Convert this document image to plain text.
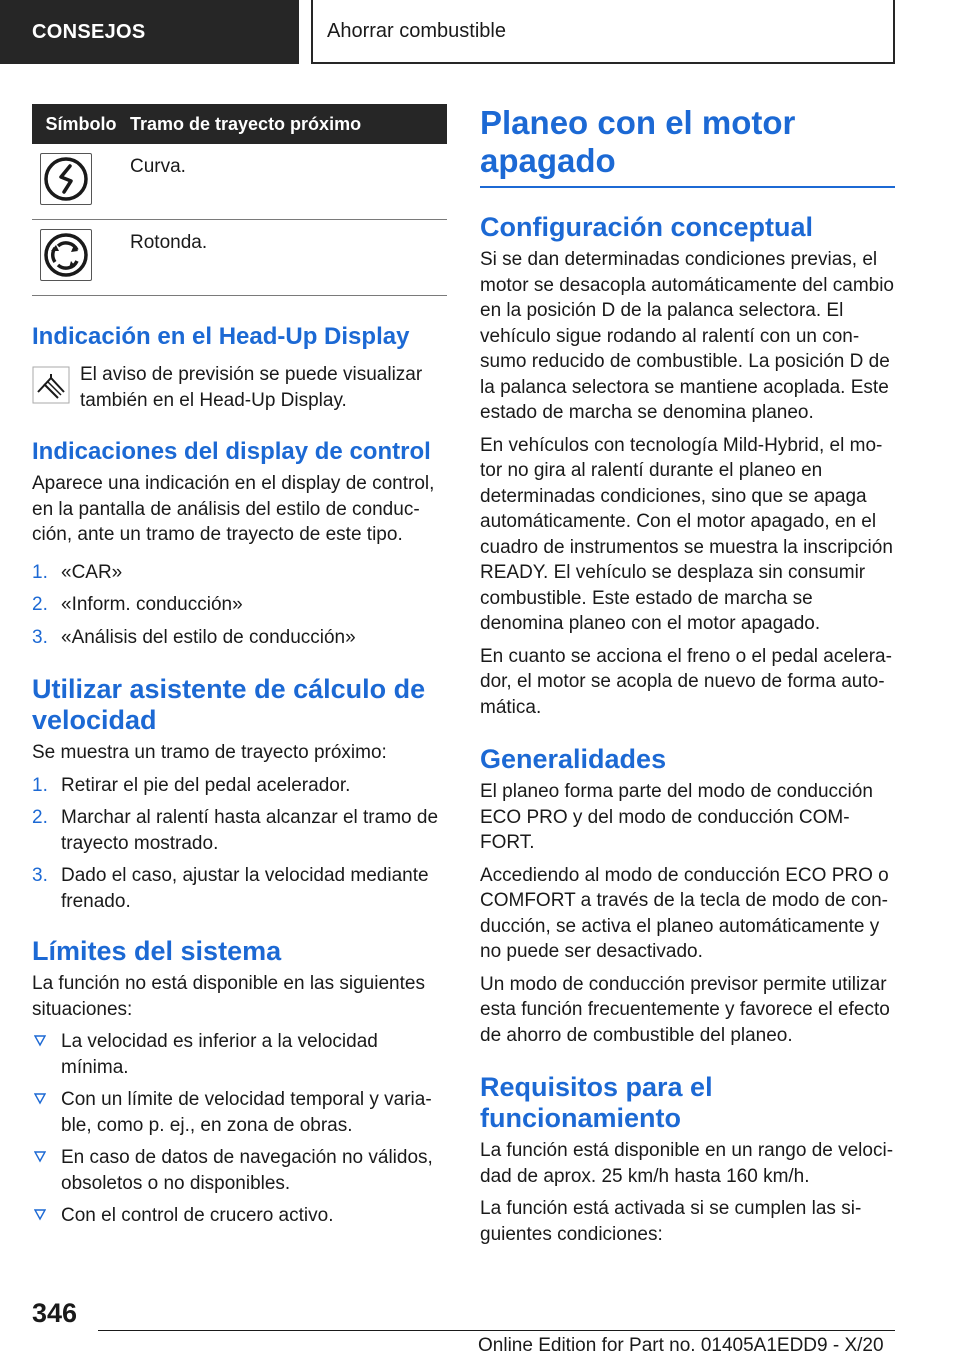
CONSEJOS	Ahorrar combustible
Símbolo Tramo de trayecto próximo
Curva.
Rotonda.
Indicación en el Head-Up Display

El aviso de previsión se puede visualizar también en el Head-Up Display.

Indicaciones del display de control

Aparece una indicación en el display de control, en la pantalla de análisis del estilo de conducción, ante un tramo de trayecto de este tipo.

1. «CAR»
2. «Inform. conducción»
3. «Análisis del estilo de conducción»
Utilizar asistente de cálculo de velocidad

Se muestra un tramo de trayecto próximo:

1. Retirar el pie del pedal acelerador.
2. Marchar al ralentí hasta alcanzar el tramo de trayecto mostrado.
3. Dado el caso, ajustar la velocidad mediante frenado.
Límites del sistema

La función no está disponible en las siguientes situaciones:

La velocidad es inferior a la velocidad mínima.
Con un límite de velocidad temporal y variable, como p. ej., en zona de obras.
En caso de datos de navegación no válidos, obsoletos o no disponibles.
Con el control de crucero activo.
Planeo con el motor apagado
Configuración conceptual

Si se dan determinadas condiciones previas, el motor se desacopla automáticamente del cambio en la posición D de la palanca selectora. El vehículo sigue rodando al ralentí con un consumo reducido de combustible. La posición D de la palanca selectora se mantiene acoplada. Este estado de marcha se denomina planeo.

En vehículos con tecnología Mild-Hybrid, el motor no gira al ralentí durante el planeo en determinadas condiciones, sino que se apaga automáticamente. Con el motor apagado, en el cuadro de instrumentos se muestra la inscripción READY. El vehículo se desplaza sin consumir combustible. Este estado de marcha se denomina planeo con el motor apagado.

En cuanto se acciona el freno o el pedal acelerador, el motor se acopla de nuevo de forma automática.

Generalidades

El planeo forma parte del modo de conducción ECO PRO y del modo de conducción COMFORT.

Accediendo al modo de conducción ECO PRO o COMFORT a través de la tecla de modo de conducción, se activa el planeo automáticamente y no puede ser desactivado.

Un modo de conducción previsor permite utilizar esta función frecuentemente y favorece el efecto de ahorro de combustible del planeo.

Requisitos para el funcionamiento

La función está disponible en un rango de velocidad de aprox. 25 km/h hasta 160 km/h.

La función está activada si se cumplen las siguientes condiciones:

346
Online Edition for Part no. 01405A1EDD9 - X/20
